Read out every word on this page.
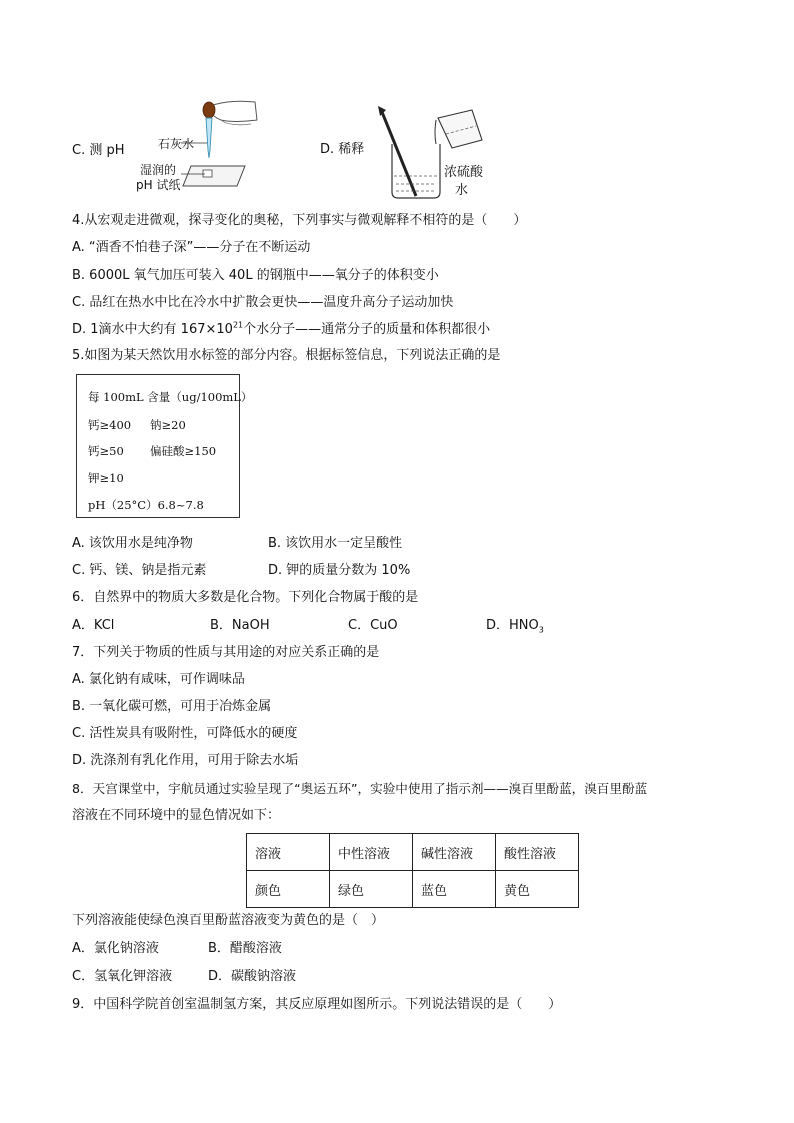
C. 测 pH	石灰水
湿润的
pH 试纸
D. 稀释
浓硫酸
水
4.从宏观走进微观，探寻变化的奥秘，下列事实与微观解释不相符的是（　　）
A. “酒香不怕巷子深”——分子在不断运动
B. 6000L 氧气加压可装入 40L 的钢瓶中——氧分子的体积变小
C. 品红在热水中比在冷水中扩散会更快——温度升高分子运动加快
D. 1滴水中大约有 $167\times 10^{21}$个水分子——通常分子的质量和体积都很小
5.如图为某天然饮用水标签的部分内容。根据标签信息，下列说法正确的是
每 100mL 含量（ug/100mL）
钙≥400 钠≥20
钙≥50 偏硅酸≥150
钾≥10
pH（25°C）6.8~7.8
A. 该饮用水是纯净物	B. 该饮用水一定呈酸性
C. 钙、镁、钠是指元素	D. 钾的质量分数为 10%
6．自然界中的物质大多数是化合物。下列化合物属于酸的是
A．KCl	B．NaOH	C．CuO	D．$HNO_3$
7．下列关于物质的性质与其用途的对应关系正确的是
A. 氯化钠有咸味，可作调味品
B. 一氧化碳可燃，可用于冶炼金属
C. 活性炭具有吸附性，可降低水的硬度
D. 洗涤剂有乳化作用，可用于除去水垢
8．天宫课堂中，宇航员通过实验呈现了“奥运五环”，实验中使用了指示剂——溴百里酚蓝，溴百里酚蓝
溶液在不同环境中的显色情况如下：
溶液	中性溶液	碱性溶液	酸性溶液
颜色	绿色	蓝色	黄色
下列溶液能使绿色溴百里酚蓝溶液变为黄色的是（　）
A．氯化钠溶液	B．醋酸溶液
C．氢氧化钾溶液	D．碳酸钠溶液
9．中国科学院首创室温制氢方案，其反应原理如图所示。下列说法错误的是（　　）
